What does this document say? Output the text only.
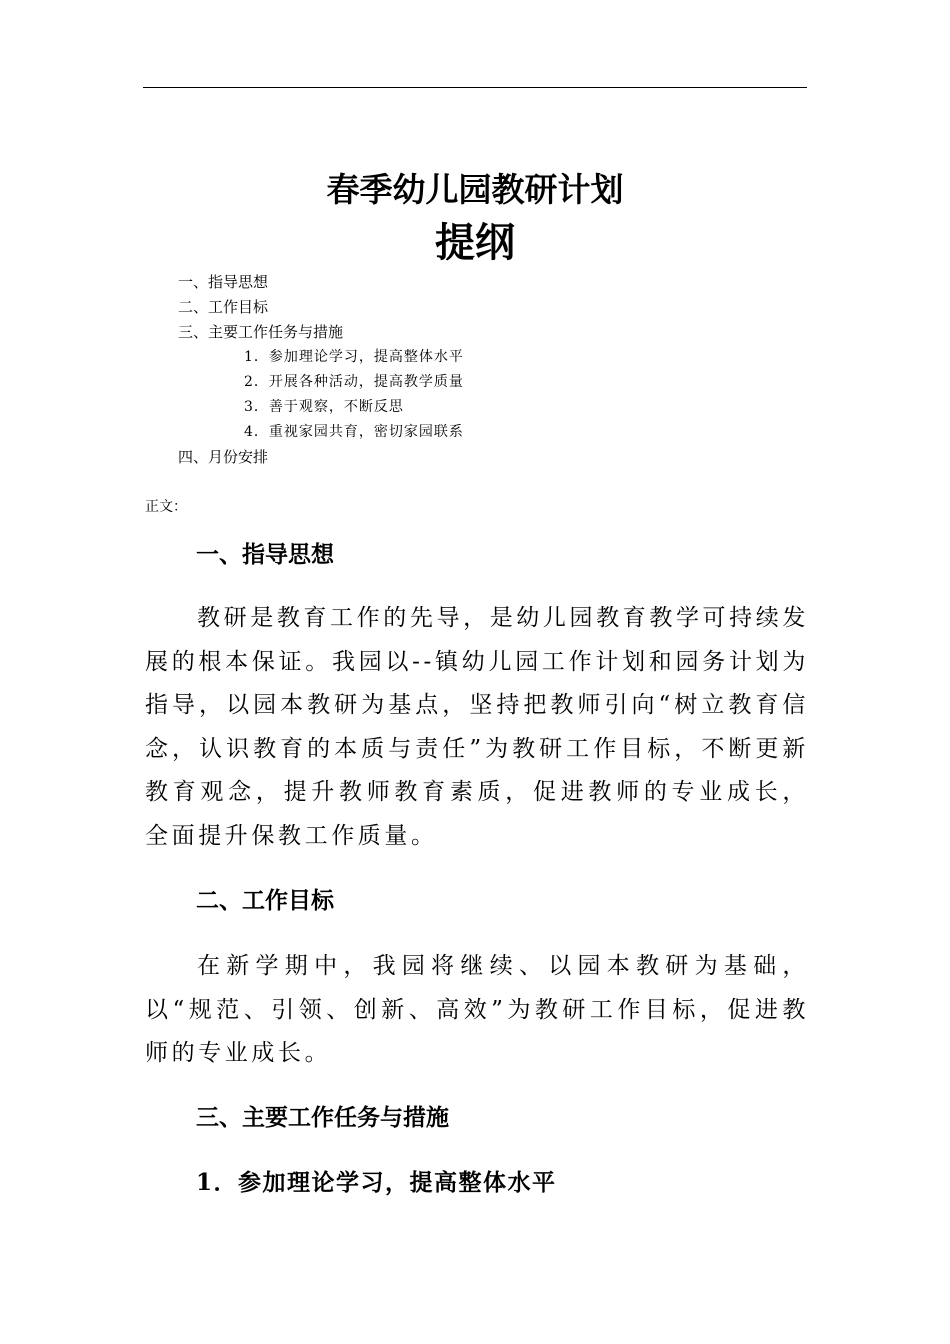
春季幼儿园教研计划
提纲
一、指导思想
二、工作目标
三、主要工作任务与措施
1．参加理论学习，提高整体水平
2．开展各种活动，提高教学质量
3．善于观察，不断反思
4．重视家园共育，密切家园联系
四、月份安排
正文：
一、指导思想
教研是教育工作的先导，是幼儿园教育教学可持续发展的根本保证。我园以--镇幼儿园工作计划和园务计划为指导，以园本教研为基点，坚持把教师引向“树立教育信念，认识教育的本质与责任”为教研工作目标，不断更新教育观念，提升教师教育素质，促进教师的专业成长，全面提升保教工作质量。
二、工作目标
在新学期中，我园将继续、以园本教研为基础，以“规范、引领、创新、高效”为教研工作目标，促进教师的专业成长。
三、主要工作任务与措施
1．参加理论学习，提高整体水平
